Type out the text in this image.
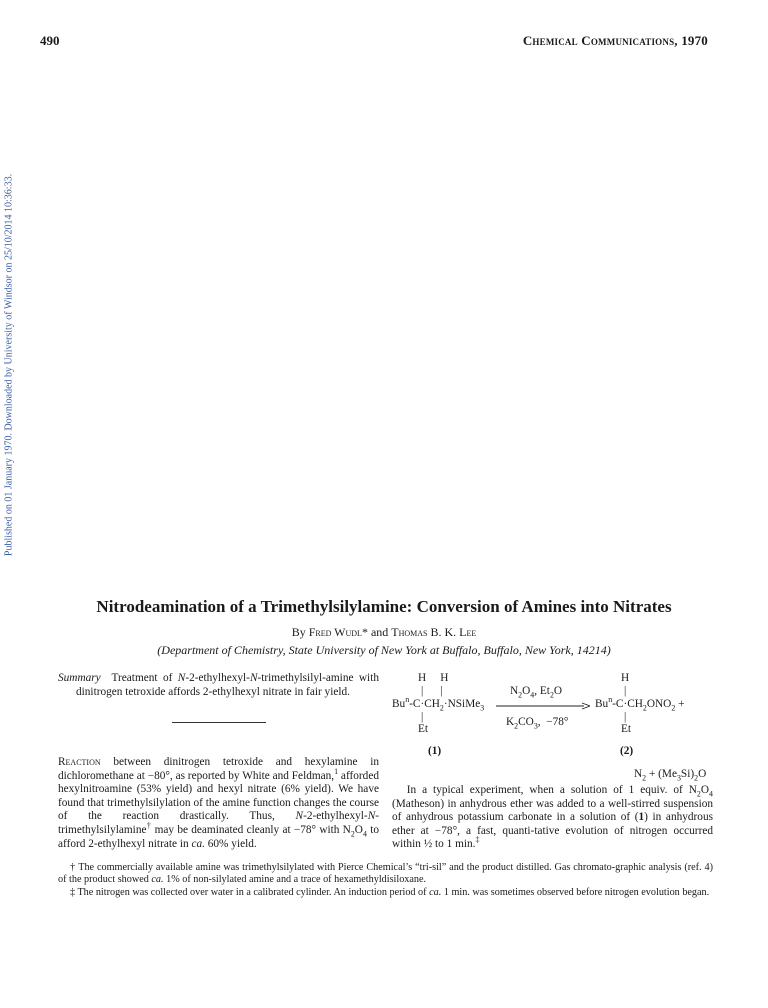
490	Chemical Communications, 1970
Published on 01 January 1970. Downloaded by University of Windsor on 25/10/2014 10:36:33.
Nitrodeamination of a Trimethylsilylamine: Conversion of Amines into Nitrates
By Fred Wudl* and Thomas B. K. Lee
(Department of Chemistry, State University of New York at Buffalo, Buffalo, New York, 14214)
Summary Treatment of N-2-ethylhexyl-N-trimethylsilyl-amine with dinitrogen tetroxide affords 2-ethylhexyl nitrate in fair yield.
Reaction between dinitrogen tetroxide and hexylamine in dichloromethane at −80°, as reported by White and Feldman,$^1$ afforded hexylnitroamine (53% yield) and hexyl nitrate (6% yield). We have found that trimethylsilylation of the amine function changes the course of the reaction drastically. Thus, N-2-ethylhexyl-N-trimethylsilylamine† may be deaminated cleanly at −78° with $N_2O_4$ to afford 2-ethylhexyl nitrate in ca. 60% yield.
H     H
|      |
$Bu^n-C\cdot CH_2\cdot NSiMe_3$
|
Et
(1)
$N_2O_4$, $Et_2O$
$K_2CO_3$,  −78°
H
|
$Bu^n-C\cdot CH_2ONO_2$ +
|
Et
(2)
$N_2 + (Me_3Si)_2O$
In a typical experiment, when a solution of 1 equiv. of $N_2O_4$ (Matheson) in anhydrous ether was added to a well-stirred suspension of anhydrous potassium carbonate in a solution of (1) in anhydrous ether at −78°, a fast, quanti-tative evolution of nitrogen occurred within ½ to 1 min.‡
† The commercially available amine was trimethylsilylated with Pierce Chemical’s “tri-sil” and the product distilled. Gas chromato-graphic analysis (ref. 4) of the product showed ca. 1% of non-silylated amine and a trace of hexamethyldisiloxane.
‡ The nitrogen was collected over water in a calibrated cylinder. An induction period of ca. 1 min. was sometimes observed before nitrogen evolution began.
